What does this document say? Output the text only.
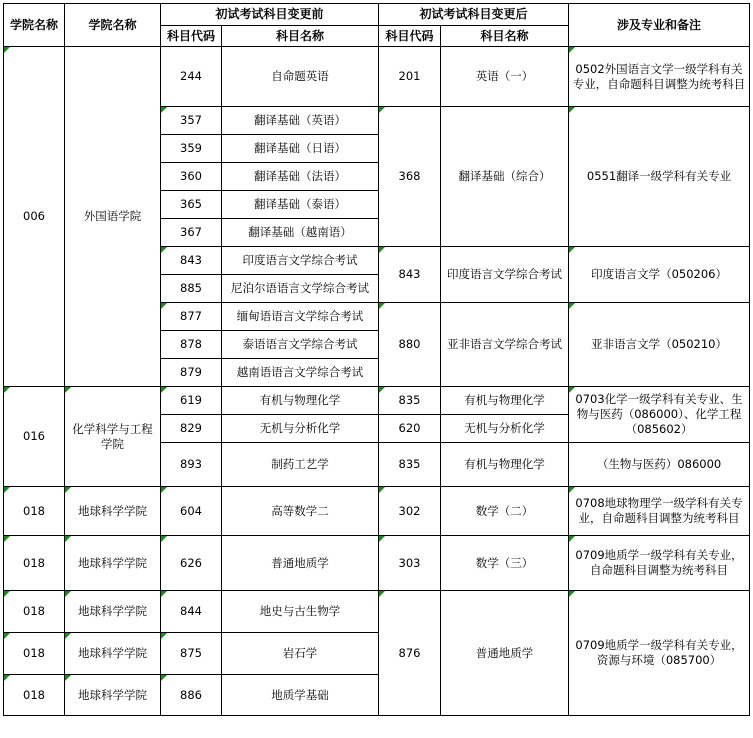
学院名称	学院名称	初试考试科目变更前		初试考试科目变更后		涉及专业和备注
		科目代码	科目名称	科目代码	科目名称	
006	外国语学院	244	自命题英语	201	英语（一）	0502外国语言文学一级学科有关专业，自命题科目调整为统考科目
		357	翻译基础（英语）	368	翻译基础（综合）	0551翻译一级学科有关专业
		359	翻译基础（日语）			
		360	翻译基础（法语）			
		365	翻译基础（泰语）			
		367	翻译基础（越南语）			
		843	印度语言文学综合考试	843	印度语言文学综合考试	印度语言文学（050206）
		885	尼泊尔语语言文学综合考试			
		877	缅甸语语言文学综合考试	880	亚非语言文学综合考试	亚非语言文学（050210）
		878	泰语语言文学综合考试			
		879	越南语语言文学综合考试			
016	化学科学与工程学院	619	有机与物理化学	835	有机与物理化学	0703化学一级学科有关专业、生物与医药（086000）、化学工程（085602）
		829	无机与分析化学	620	无机与分析化学	
		893	制药工艺学	835	有机与物理化学	（生物与医药）086000
018	地球科学学院	604	高等数学二	302	数学（二）	0708地球物理学一级学科有关专业，自命题科目调整为统考科目
018	地球科学学院	626	普通地质学	303	数学（三）	0709地质学一级学科有关专业，自命题科目调整为统考科目
018	地球科学学院	844	地史与古生物学	876	普通地质学	0709地质学一级学科有关专业，资源与环境（085700）
018	地球科学学院	875	岩石学			
018	地球科学学院	886	地质学基础			
